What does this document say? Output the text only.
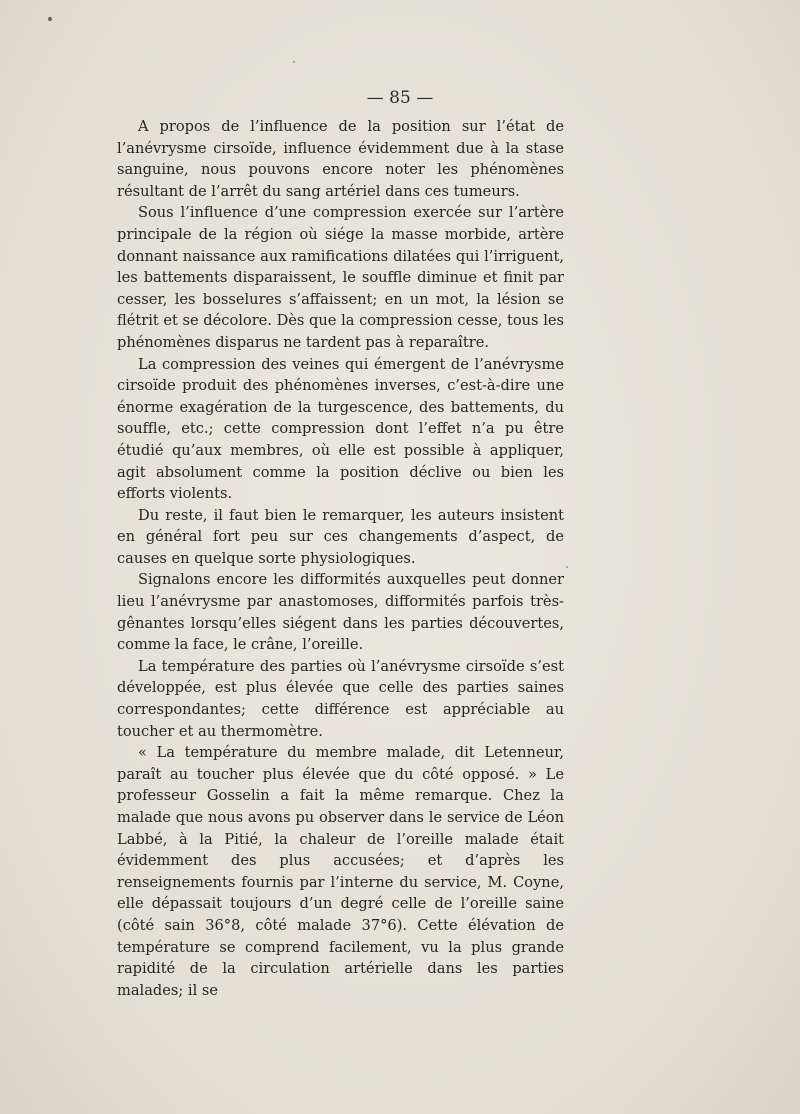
— 85 —

A propos de l’influence de la position sur l’état de l’anévrysme cirsoïde, influence évidemment due à la stase sanguine, nous pouvons encore noter les phénomènes résultant de l’arrêt du sang artériel dans ces tumeurs.

Sous l’influence d’une compression exercée sur l’artère principale de la région où siége la masse morbide, artère donnant naissance aux ramifications dilatées qui l’irriguent, les battements disparaissent, le souffle diminue et finit par cesser, les bosselures s’affaissent; en un mot, la lésion se flétrit et se décolore. Dès que la compression cesse, tous les phénomènes disparus ne tardent pas à reparaître.

La compression des veines qui émergent de l’anévrysme cirsoïde produit des phénomènes inverses, c’est-à-dire une énorme exagération de la turgescence, des battements, du souffle, etc.; cette compression dont l’effet n’a pu être étudié qu’aux membres, où elle est possible à appliquer, agit absolument comme la position déclive ou bien les efforts violents.

Du reste, il faut bien le remarquer, les auteurs insistent en général fort peu sur ces changements d’aspect, de causes en quelque sorte physiologiques.

Signalons encore les difformités auxquelles peut donner lieu l’anévrysme par anastomoses, difformités parfois très-gênantes lorsqu’elles siégent dans les parties découvertes, comme la face, le crâne, l’oreille.

La température des parties où l’anévrysme cirsoïde s’est développée, est plus élevée que celle des parties saines correspondantes; cette différence est appréciable au toucher et au thermomètre.

« La température du membre malade, dit Letenneur, paraît au toucher plus élevée que du côté opposé. » Le professeur Gosselin a fait la même remarque. Chez la malade que nous avons pu observer dans le service de Léon Labbé, à la Pitié, la chaleur de l’oreille malade était évidemment des plus accusées; et d’après les renseignements fournis par l’interne du service, M. Coyne, elle dépassait toujours d’un degré celle de l’oreille saine (côté sain 36°8, côté malade 37°6). Cette élévation de température se comprend facilement, vu la plus grande rapidité de la circulation artérielle dans les parties malades; il se
